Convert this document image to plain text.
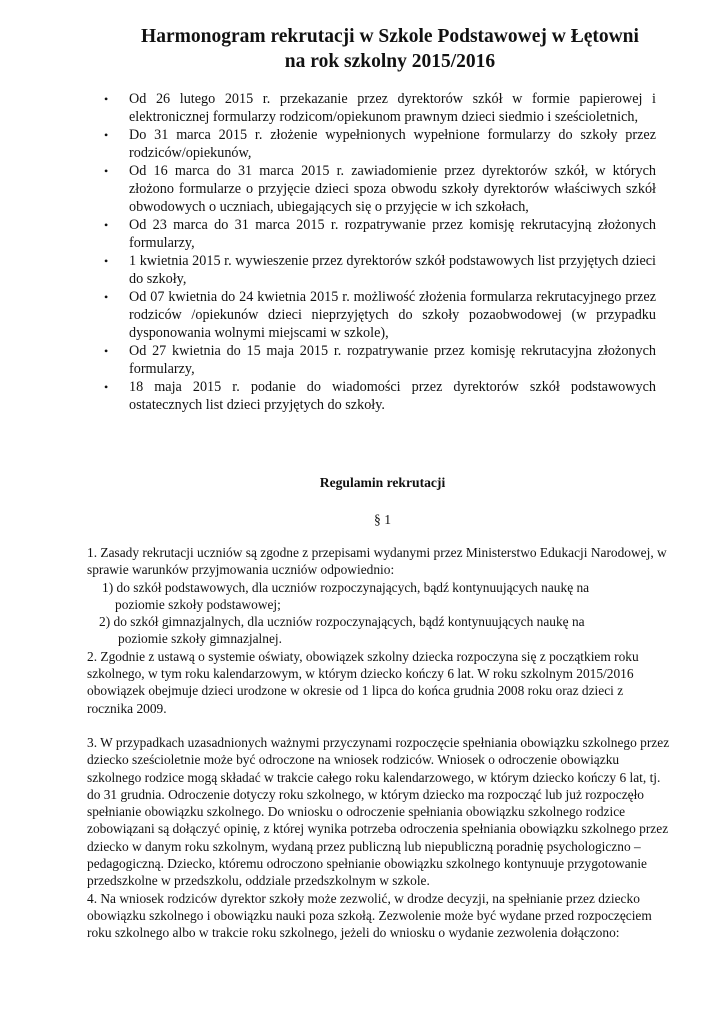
Harmonogram rekrutacji w Szkole Podstawowej w Łętowni
na rok szkolny 2015/2016
• Od 26 lutego 2015 r. przekazanie przez dyrektorów szkół w formie papierowej i elektronicznej formularzy rodzicom/opiekunom prawnym dzieci siedmio i sześcioletnich,
• Do 31 marca 2015 r. złożenie wypełnionych wypełnione formularzy do szkoły przez rodziców/opiekunów,
• Od 16 marca do 31 marca 2015 r. zawiadomienie przez dyrektorów szkół, w których złożono formularze o przyjęcie dzieci spoza obwodu szkoły dyrektorów właściwych szkół obwodowych o uczniach, ubiegających się o przyjęcie w ich szkołach,
• Od 23 marca do 31 marca 2015 r. rozpatrywanie przez komisję rekrutacyjną złożonych formularzy,
• 1 kwietnia 2015 r. wywieszenie przez dyrektorów szkół podstawowych list przyjętych dzieci do szkoły,
• Od 07 kwietnia do 24 kwietnia 2015 r. możliwość złożenia formularza rekrutacyjnego przez rodziców /opiekunów dzieci nieprzyjętych do szkoły pozaobwodowej (w przypadku dysponowania wolnymi miejscami w szkole),
• Od 27 kwietnia do 15 maja 2015 r. rozpatrywanie przez komisję rekrutacyjna złożonych formularzy,
• 18 maja 2015 r. podanie do wiadomości przez dyrektorów szkół podstawowych ostatecznych list dzieci przyjętych do szkoły.
Regulamin rekrutacji
§ 1

1. Zasady rekrutacji uczniów są zgodne z przepisami wydanymi przez Ministerstwo Edukacji Narodowej, w sprawie warunków przyjmowania uczniów odpowiednio:

1) do szkół podstawowych, dla uczniów rozpoczynających, bądź kontynuujących naukę na
poziomie szkoły podstawowej;
2) do szkół gimnazjalnych, dla uczniów rozpoczynających, bądź kontynuujących naukę na
poziomie szkoły gimnazjalnej.

2. Zgodnie z ustawą o systemie oświaty, obowiązek szkolny dziecka rozpoczyna się z początkiem roku szkolnego, w tym roku kalendarzowym, w którym dziecko kończy 6 lat. W roku szkolnym 2015/2016 obowiązek obejmuje dzieci urodzone w okresie od 1 lipca do końca grudnia 2008 roku oraz dzieci z rocznika 2009.

3. W przypadkach uzasadnionych ważnymi przyczynami rozpoczęcie spełniania obowiązku szkolnego przez dziecko sześcioletnie może być odroczone na wniosek rodziców. Wniosek o odroczenie obowiązku szkolnego rodzice mogą składać w trakcie całego roku kalendarzowego, w którym dziecko kończy 6 lat, tj. do 31 grudnia. Odroczenie dotyczy roku szkolnego, w którym dziecko ma rozpocząć lub już rozpoczęło spełnianie obowiązku szkolnego. Do wniosku o odroczenie spełniania obowiązku szkolnego rodzice zobowiązani są dołączyć opinię, z której wynika potrzeba odroczenia spełniania obowiązku szkolnego przez dziecko w danym roku szkolnym, wydaną przez publiczną lub niepubliczną poradnię psychologiczno – pedagogiczną. Dziecko, któremu odroczono spełnianie obowiązku szkolnego kontynuuje przygotowanie przedszkolne w przedszkolu, oddziale przedszkolnym w szkole.

4. Na wniosek rodziców dyrektor szkoły może zezwolić, w drodze decyzji, na spełnianie przez dziecko obowiązku szkolnego i obowiązku nauki poza szkołą. Zezwolenie może być wydane przed rozpoczęciem roku szkolnego albo w trakcie roku szkolnego, jeżeli do wniosku o wydanie zezwolenia dołączono:
